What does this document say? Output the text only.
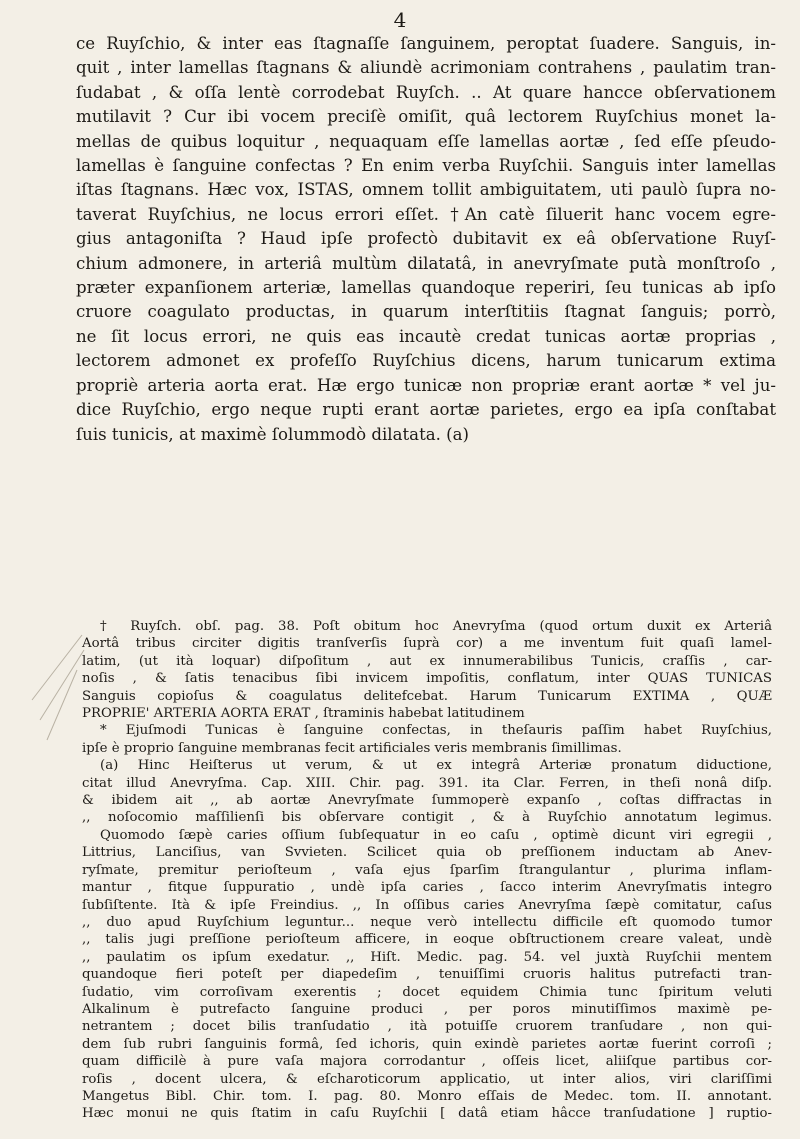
4
ce Ruyſchio, & inter eas ſtagnaſſe ſanguinem, peroptat ſuadere. Sanguis, in-
quit , inter lamellas ſtagnans & aliundè acrimoniam contrahens , paulatim tran-
ſudabat , & oſſa lentè corrodebat Ruyſch. .. At quare hancce obſervationem
mutilavit ? Cur ibi vocem preciſè omiſit, quâ lectorem Ruyſchius monet la-
mellas de quibus loquitur , nequaquam eſſe lamellas aortæ , ſed eſſe pſeudo-
lamellas è ſanguine confectas ? En enim verba Ruyſchii. Sanguis inter lamellas
iſtas ſtagnans. Hæc vox, ISTAS, omnem tollit ambiguitatem, uti paulò ſupra no-
taverat Ruyſchius, ne locus errori eſſet. †An catè ſiluerit hanc vocem egre-
gius antagoniſta ? Haud ipſe profectò dubitavit ex eâ obſervatione Ruyſ-
chium admonere, in arteriâ multùm dilatatâ, in anevryſmate putà monſtroſo ,
præter expanſionem arteriæ, lamellas quandoque reperiri, ſeu tunicas ab ipſo
cruore coagulato productas, in quarum interſtitiis ſtagnat ſanguis; porrò,
ne ſit locus errori, ne quis eas incautè credat tunicas aortæ proprias ,
lectorem admonet ex profeſſo Ruyſchius dicens, harum tunicarum extima
propriè arteria aorta erat. Hæ ergo tunicæ non propriæ erant aortæ * vel ju-
dice Ruyſchio, ergo neque rupti erant aortæ parietes, ergo ea ipſa conſtabat
ſuis tunicis, at maximè ſolummodò dilatata. (a)
† Ruyſch. obſ. pag. 38. Poſt obitum hoc Anevryſma (quod ortum duxit ex Arteriâ
Aortâ tribus circiter digitis tranſverſis ſuprà cor) a me inventum fuit quaſi lamel-
latim, (ut ità loquar) diſpoſitum , aut ex innumerabilibus Tunicis, craſſis , car-
noſis , & ſatis tenacibus ſibi invicem impoſitis, conflatum, inter QUAS TUNICAS
Sanguis copioſus & coagulatus delitefcebat. Harum Tunicarum EXTIMA , QUÆ
PROPRIE' ARTERIA AORTA ERAT , ſtraminis habebat latitudinem
* Ejuſmodi Tunicas è ſanguine confectas, in theſauris paſſim habet Ruyſchius,
ipſe è proprio ſanguine membranas fecit artificiales veris membranis ſimillimas.
(a) Hinc Heiſterus ut verum, & ut ex integrâ Arteriæ pronatum diductione,
citat illud Anevryſma. Cap. XIII. Chir. pag. 391. ita Clar. Ferren, in theſi nonâ diſp.
& ibidem ait ,, ab aortæ Anevryſmate ſummoperè expanſo , coſtas diffractas in
,, noſocomio maſſilienſi bis obſervare contigit , & à Ruyſchio annotatum legimus.
Quomodo ſæpè caries oſſium ſubſequatur in eo caſu , optimè dicunt viri egregii ,
Littrius, Lanciſius, van Svvieten. Scilicet quia ob preſſionem inductam ab Anev-
ryſmate, premitur perioſteum , vaſa ejus ſparſim ſtrangulantur , plurima inflam-
mantur , fitque ſuppuratio , undè ipſa caries , ſacco interim Anevryſmatis integro
ſubſiſtente. Ità & ipſe Freindius. ,, In oſſibus caries Anevryſma ſæpè comitatur, caſus
,, duo apud Ruyſchium leguntur... neque verò intellectu difficile eſt quomodo tumor
,, talis jugi preſſione perioſteum afficere, in eoque obſtructionem creare valeat, undè
,, paulatim os ipſum exedatur. ,, Hiſt. Medic. pag. 54. vel juxtà Ruyſchii mentem
quandoque fieri poteſt per diapedeſim , tenuiſſimi cruoris halitus putrefacti tran-
ſudatio, vim corroſivam exerentis ; docet equidem Chimia tunc ſpiritum veluti
Alkalinum è putrefacto ſanguine produci , per poros minutiſſimos maximè pe-
netrantem ; docet bilis tranſudatio , ità potuiſſe cruorem tranſudare , non qui-
dem ſub rubri ſanguinis formâ, ſed ichoris, quin exindè parietes aortæ fuerint corroſi ;
quam difficilè à pure vaſa majora corrodantur , oſſeis licet, aliiſque partibus cor-
roſis , docent ulcera, & eſcharoticorum applicatio, ut inter alios, viri clariſſimi
Mangetus Bibl. Chir. tom. I. pag. 80. Monro eſſais de Medec. tom. II. annotant.
Hæc monui ne quis ſtatim in caſu Ruyſchii [ datâ etiam hâcce tranſudatione ] ruptio-
